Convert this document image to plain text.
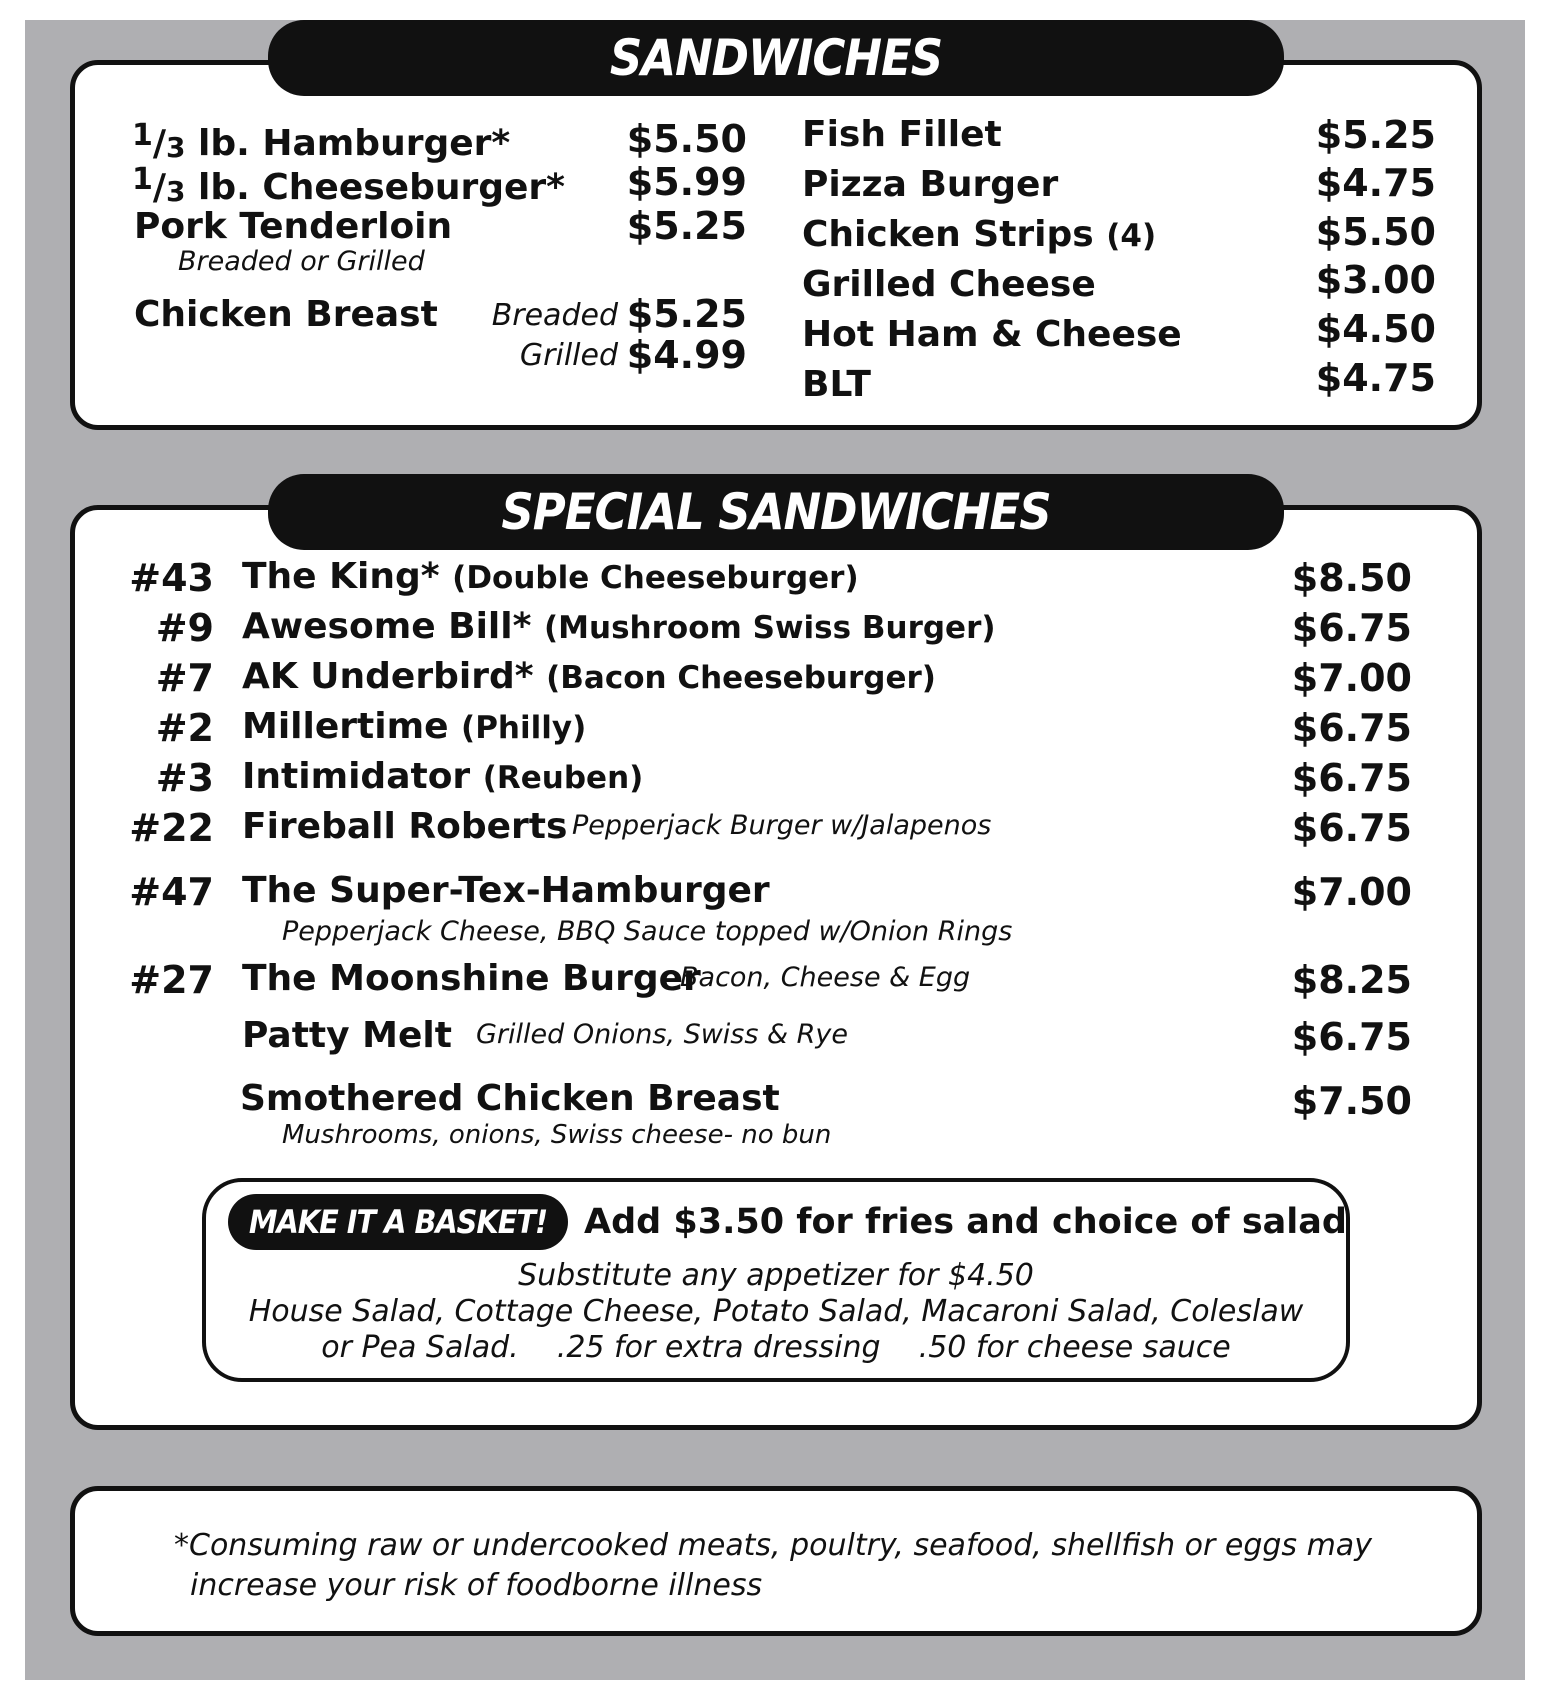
SANDWICHES
$^1/_3$ lb. Hamburger*	$5.50
$^1/_3$ lb. Cheeseburger* $5.99
Pork Tenderloin	$5.25
Breaded or Grilled
Chicken Breast Breaded $5.25
Grilled $4.99
Fish Fillet	$5.25
Pizza Burger	$4.75
Chicken Strips (4)	$5.50
Grilled Cheese	$3.00
Hot Ham & Cheese	$4.50
BLT	$4.75
SPECIAL SANDWICHES
#43 The King* (Double Cheeseburger)	$8.50
#9 Awesome Bill* (Mushroom Swiss Burger)	$6.75
#7 AK Underbird* (Bacon Cheeseburger)	$7.00
#2 Millertime (Philly)	$6.75
#3 Intimidator (Reuben)	$6.75
#22 Fireball Roberts Pepperjack Burger w/Jalapenos	$6.75
#47 The Super-Tex-Hamburger
Pepperjack Cheese, BBQ Sauce topped w/Onion Rings
$7.00
#27 The Moonshine Burger
Bacon, Cheese & Egg	$8.25
Patty Melt Grilled Onions, Swiss & Rye	$6.75
Smothered Chicken Breast
Mushrooms, onions, Swiss cheese- no bun
$7.50
MAKE IT A BASKET!	Add $3.50 for fries and choice of salad
Substitute any appetizer for $4.50
House Salad, Cottage Cheese, Potato Salad, Macaroni Salad, Coleslaw
or Pea Salad.    .25 for extra dressing    .50 for cheese sauce
*Consuming raw or undercooked meats, poultry, seafood, shellfish or eggs may
increase your risk of foodborne illness
